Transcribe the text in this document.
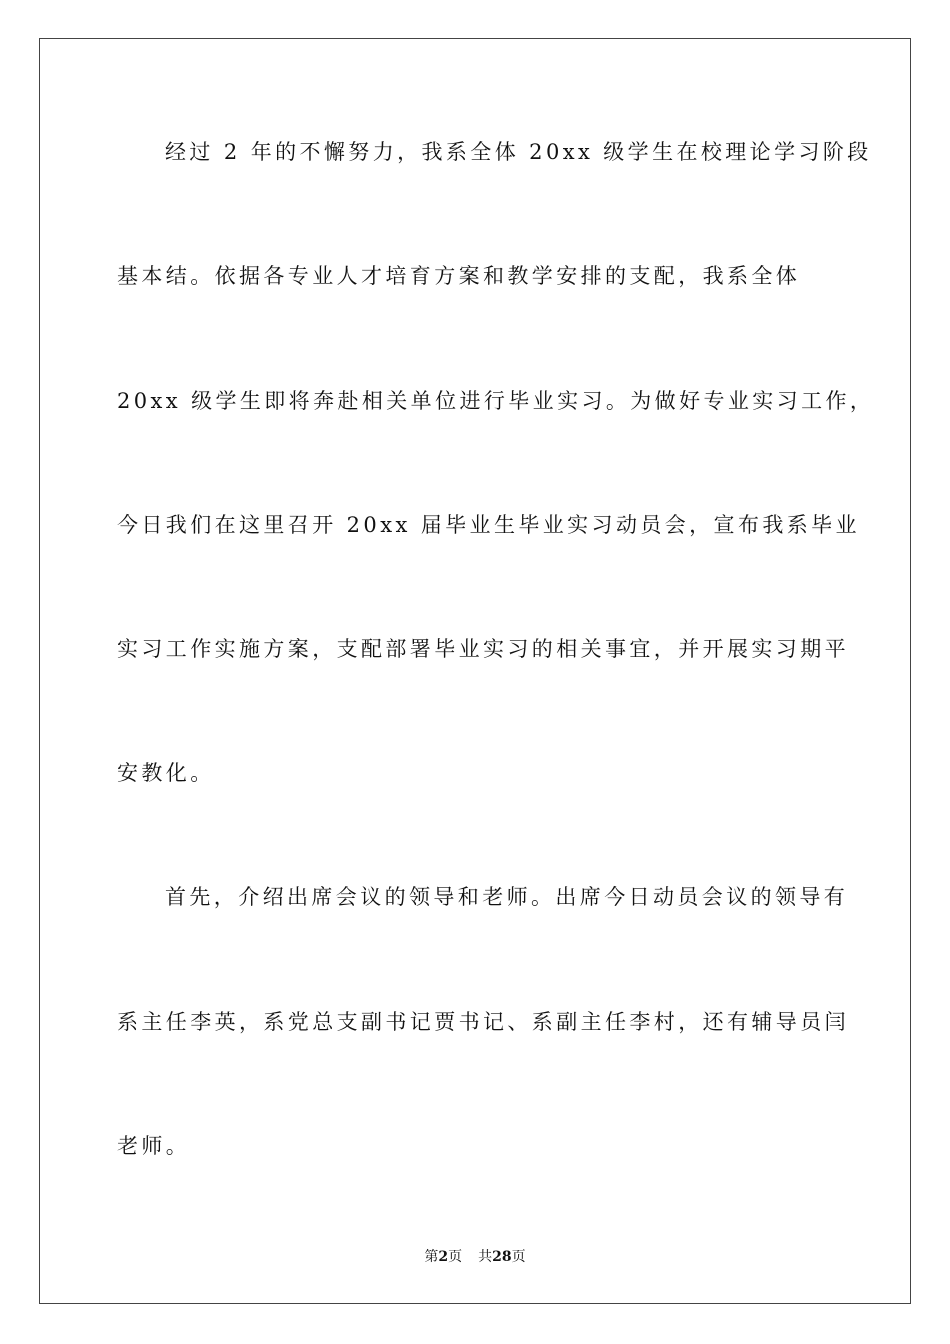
经过 2 年的不懈努力，我系全体 20xx 级学生在校理论学习阶段

基本结。依据各专业人才培育方案和教学安排的支配，我系全体

20xx 级学生即将奔赴相关单位进行毕业实习。为做好专业实习工作，

今日我们在这里召开 20xx 届毕业生毕业实习动员会，宣布我系毕业

实习工作实施方案，支配部署毕业实习的相关事宜，并开展实习期平

安教化。

首先，介绍出席会议的领导和老师。出席今日动员会议的领导有

系主任李英，系党总支副书记贾书记、系副主任李村，还有辅导员闫

老师。

第2页 共28页
